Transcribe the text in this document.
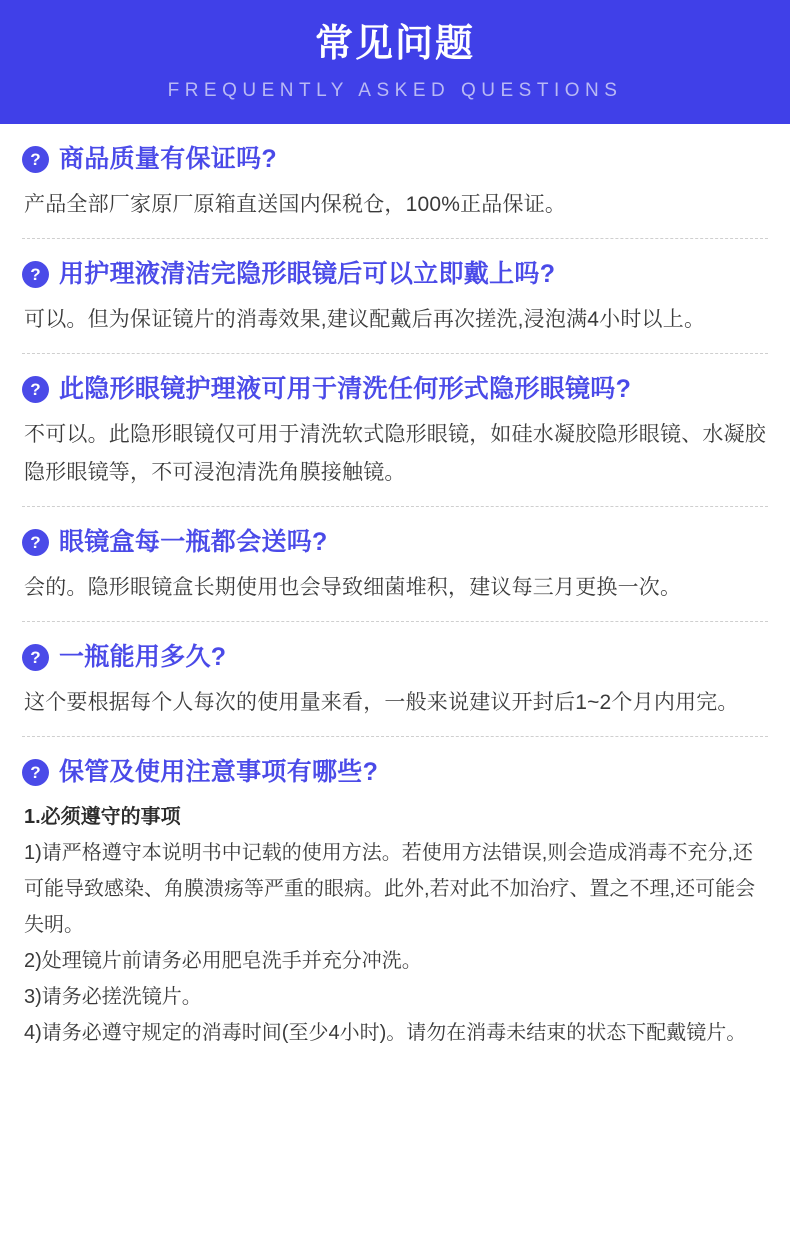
常见问题
FREQUENTLY ASKED QUESTIONS
? 商品质量有保证吗?
产品全部厂家原厂原箱直送国内保税仓，100%正品保证。
? 用护理液清洁完隐形眼镜后可以立即戴上吗?
可以。但为保证镜片的消毒效果,建议配戴后再次搓洗,浸泡满4小时以上。
? 此隐形眼镜护理液可用于清洗任何形式隐形眼镜吗?
不可以。此隐形眼镜仅可用于清洗软式隐形眼镜，如硅水凝胶隐形眼镜、水凝胶隐形眼镜等，不可浸泡清洗角膜接触镜。
? 眼镜盒每一瓶都会送吗?
会的。隐形眼镜盒长期使用也会导致细菌堆积，建议每三月更换一次。
? 一瓶能用多久?
这个要根据每个人每次的使用量来看，一般来说建议开封后1~2个月内用完。
? 保管及使用注意事项有哪些?
1.必须遵守的事项
1)请严格遵守本说明书中记载的使用方法。若使用方法错误,则会造成消毒不充分,还可能导致感染、角膜溃疡等严重的眼病。此外,若对此不加治疗、置之不理,还可能会失明。
2)处理镜片前请务必用肥皂洗手并充分冲洗。
3)请务必搓洗镜片。
4)请务必遵守规定的消毒时间(至少4小时)。请勿在消毒未结束的状态下配戴镜片。
